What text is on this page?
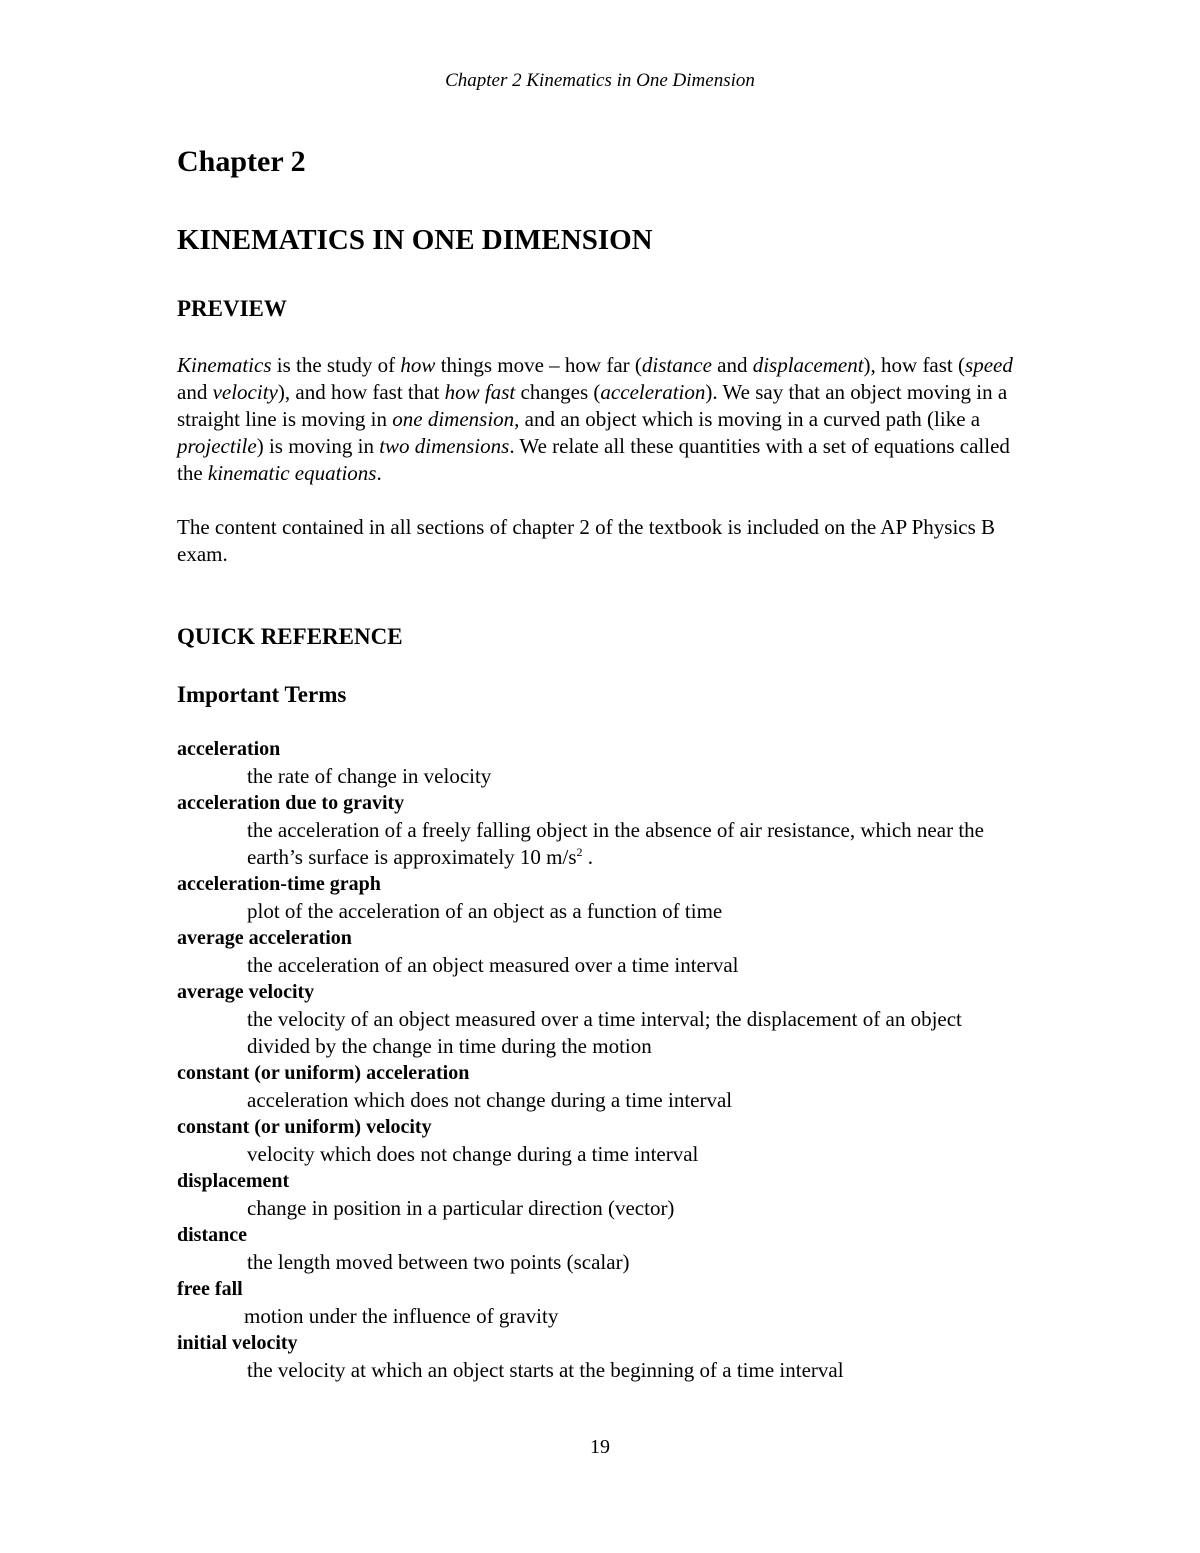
Chapter 2 Kinematics in One Dimension
Chapter 2
KINEMATICS IN ONE DIMENSION
PREVIEW

Kinematics is the study of how things move – how far (distance and displacement), how fast (speed and velocity), and how fast that how fast changes (acceleration). We say that an object moving in a straight line is moving in one dimension, and an object which is moving in a curved path (like a projectile) is moving in two dimensions. We relate all these quantities with a set of equations called the kinematic equations.

The content contained in all sections of chapter 2 of the textbook is included on the AP Physics B exam.

QUICK REFERENCE
Important Terms
acceleration
the rate of change in velocity
acceleration due to gravity
the acceleration of a freely falling object in the absence of air resistance, which near the earth’s surface is approximately 10 $m/s^2$ .
acceleration-time graph
plot of the acceleration of an object as a function of time
average acceleration
the acceleration of an object measured over a time interval
average velocity
the velocity of an object measured over a time interval; the displacement of an object divided by the change in time during the motion
constant (or uniform) acceleration
acceleration which does not change during a time interval
constant (or uniform) velocity
velocity which does not change during a time interval
displacement
change in position in a particular direction (vector)
distance
the length moved between two points (scalar)
free fall
motion under the influence of gravity
initial velocity
the velocity at which an object starts at the beginning of a time interval
19
